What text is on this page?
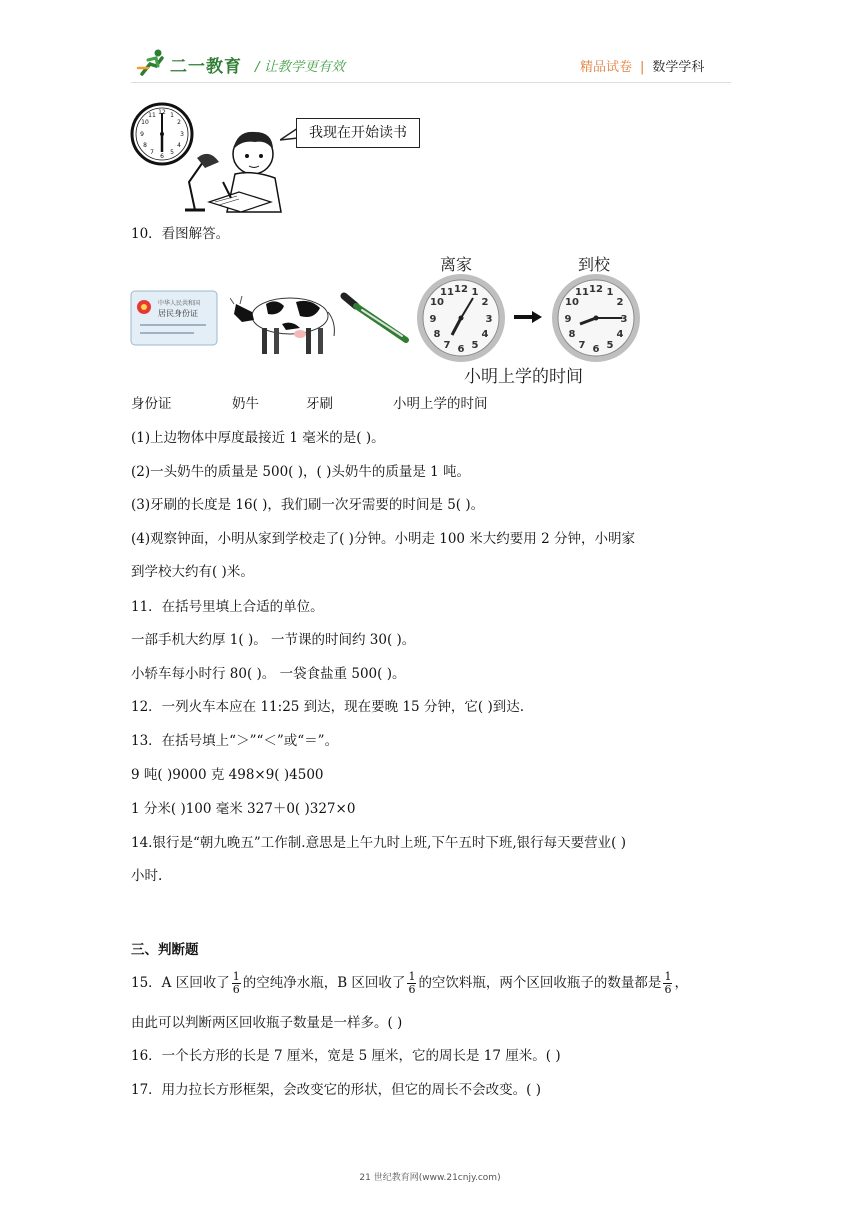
二一教育 / 让教学更有效	精品试卷 | 数学学科
12 1
2
3
4
5
6
7
8
9
10
11
我现在开始读书
10．看图解答。
中华人民共和国
居民身份证
离家	到校
12 1
2
3
4
5
6
7
8
9
10
11	12 1
2
3
4
5
6
7
8
9
10
11
小明上学的时间
身份证	奶牛	牙刷	小明上学的时间
(1)上边物体中厚度最接近 1 毫米的是( )。
(2)一头奶牛的质量是 500( )，( )头奶牛的质量是 1 吨。
(3)牙刷的长度是 16( )，我们刷一次牙需要的时间是 5( )。
(4)观察钟面，小明从家到学校走了( )分钟。小明走 100 米大约要用 2 分钟，小明家
到学校大约有( )米。
11．在括号里填上合适的单位。
一部手机大约厚 1( )。 一节课的时间约 30( )。
小轿车每小时行 80( )。 一袋食盐重 500( )。
12．一列火车本应在 11:25 到达，现在要晚 15 分钟，它( )到达.
13．在括号填上“＞”“＜”或“＝”。
9 吨( )9000 克 498×9( )4500
1 分米( )100 毫米 327＋0( )327×0
14.银行是“朝九晚五”工作制.意思是上午九时上班,下午五时下班,银行每天要营业( )
小时.
三、判断题
15．A 区回收了 $\frac{1}{6}$ 的空纯净水瓶，B 区回收了 $\frac{1}{6}$ 的空饮料瓶，两个区回收瓶子的数量都是 $\frac{1}{6}$ ，
由此可以判断两区回收瓶子数量是一样多。( )
16．一个长方形的长是 7 厘米，宽是 5 厘米，它的周长是 17 厘米。( )
17．用力拉长方形框架，会改变它的形状，但它的周长不会改变。( )
21 世纪教育网(www.21cnjy.com)
